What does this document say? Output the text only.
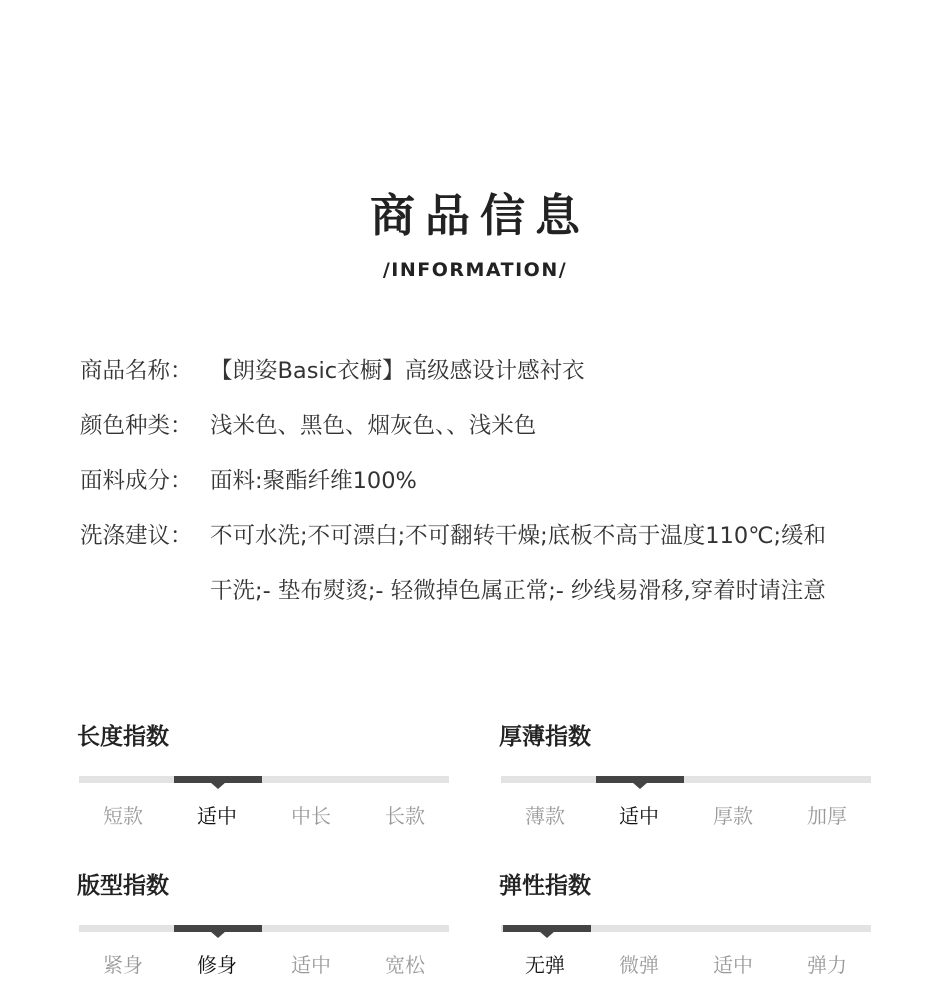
商品信息
/INFORMATION/
商品名称： 【朗姿Basic衣橱】高级感设计感衬衣
颜色种类： 浅米色、黑色、烟灰色、、浅米色
面料成分： 面料:聚酯纤维100%
洗涤建议： 不可水洗;不可漂白;不可翻转干燥;底板不高于温度110℃;缓和
干洗;- 垫布熨烫;- 轻微掉色属正常;- 纱线易滑移,穿着时请注意
长度指数
短款	适中	中长	长款
厚薄指数
薄款	适中	厚款	加厚
版型指数
紧身	修身	适中	宽松
弹性指数
无弹	微弹	适中	弹力
